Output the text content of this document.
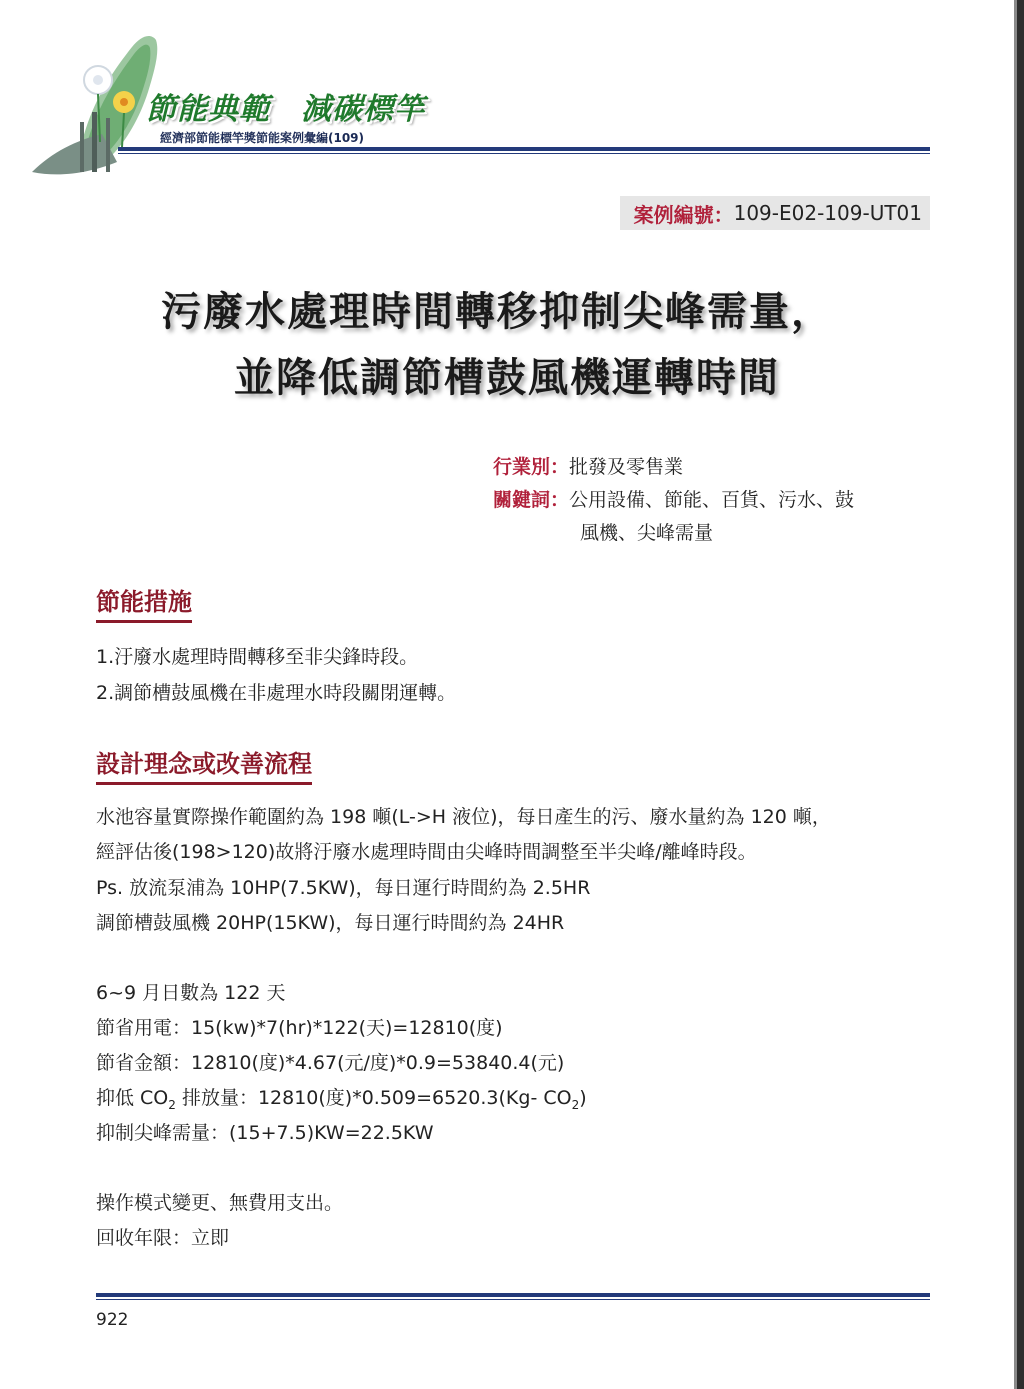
節能典範　減碳標竿
經濟部節能標竿獎節能案例彙編(109)
案例編號： 109-E02-109-UT01
污廢水處理時間轉移抑制尖峰需量，
並降低調節槽鼓風機運轉時間
行業別：批發及零售業
關鍵詞：公用設備、節能、百貨、污水、鼓
風機、尖峰需量
節能措施
1.汙廢水處理時間轉移至非尖鋒時段。
2.調節槽鼓風機在非處理水時段關閉運轉。
設計理念或改善流程
水池容量實際操作範圍約為 198 噸(L->H 液位)，每日產生的污、廢水量約為 120 噸，
經評估後(198>120)故將汙廢水處理時間由尖峰時間調整至半尖峰/離峰時段。
Ps. 放流泵浦為 10HP(7.5KW)，每日運行時間約為 2.5HR
調節槽鼓風機 20HP(15KW)，每日運行時間約為 24HR
6~9 月日數為 122 天
節省用電：15(kw)*7(hr)*122(天)=12810(度)
節省金額：12810(度)*4.67(元/度)*0.9=53840.4(元)
抑低 $CO_2$ 排放量：12810(度)*0.509=6520.3(Kg- $CO_2$)
抑制尖峰需量：(15+7.5)KW=22.5KW
操作模式變更、無費用支出。
回收年限：立即
922
